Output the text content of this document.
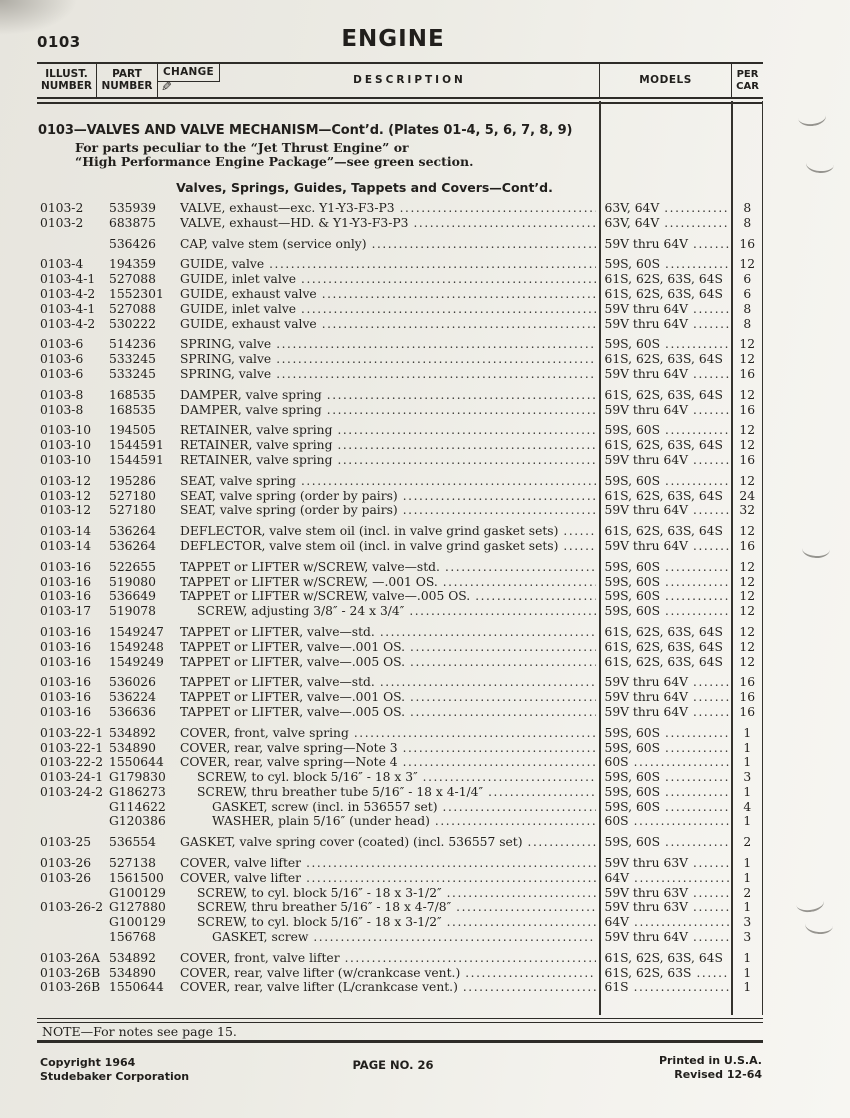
0103	ENGINE
ILLUST.
NUMBER
PART
NUMBER
CHANGE
✎
DESCRIPTION	MODELS	PER
CAR
0103—VALVES AND VALVE MECHANISM—Cont’d. (Plates 01-4, 5, 6, 7, 8, 9)
For parts peculiar to the “Jet Thrust Engine” or
“High Performance Engine Package”—see green section.
Valves, Springs, Guides, Tappets and Covers—Cont’d.
0103-2	535939	VALVE, exhaust—exc. Y1-Y3-F3-P3 .....	63V, 64V .....	8
0103-2	683875	VALVE, exhaust—HD. & Y1-Y3-F3-P3 .....	63V, 64V .....	8
536426	CAP, valve stem (service only) .....	59V thru 64V .....	16
0103-4	194359	GUIDE, valve .....	59S, 60S .....	12
0103-4-1	527088	GUIDE, inlet valve .....	61S, 62S, 63S, 64S .....	6
0103-4-2	1552301	GUIDE, exhaust valve .....	61S, 62S, 63S, 64S .....	6
0103-4-1	527088	GUIDE, inlet valve .....	59V thru 64V .....	8
0103-4-2	530222	GUIDE, exhaust valve .....	59V thru 64V .....	8
0103-6	514236	SPRING, valve .....	59S, 60S .....	12
0103-6	533245	SPRING, valve .....	61S, 62S, 63S, 64S .....	12
0103-6	533245	SPRING, valve .....	59V thru 64V .....	16
0103-8	168535	DAMPER, valve spring .....	61S, 62S, 63S, 64S .....	12
0103-8	168535	DAMPER, valve spring .....	59V thru 64V .....	16
0103-10	194505	RETAINER, valve spring .....	59S, 60S .....	12
0103-10	1544591	RETAINER, valve spring .....	61S, 62S, 63S, 64S .....	12
0103-10	1544591	RETAINER, valve spring .....	59V thru 64V .....	16
0103-12	195286	SEAT, valve spring .....	59S, 60S .....	12
0103-12	527180	SEAT, valve spring (order by pairs) .....	61S, 62S, 63S, 64S .....	24
0103-12	527180	SEAT, valve spring (order by pairs) .....	59V thru 64V .....	32
0103-14	536264	DEFLECTOR, valve stem oil (incl. in valve grind gasket sets) .....	61S, 62S, 63S, 64S .....	12
0103-14	536264	DEFLECTOR, valve stem oil (incl. in valve grind gasket sets) .....	59V thru 64V .....	16
0103-16	522655	TAPPET or LIFTER w/SCREW, valve—std. .....	59S, 60S .....	12
0103-16	519080	TAPPET or LIFTER w/SCREW, —.001 OS. .....	59S, 60S .....	12
0103-16	536649	TAPPET or LIFTER w/SCREW, valve—.005 OS. .....	59S, 60S .....	12
0103-17	519078	SCREW, adjusting 3/8″ - 24 x 3/4″ .....	59S, 60S .....	12
0103-16	1549247	TAPPET or LIFTER, valve—std. .....	61S, 62S, 63S, 64S .....	12
0103-16	1549248	TAPPET or LIFTER, valve—.001 OS. .....	61S, 62S, 63S, 64S .....	12
0103-16	1549249	TAPPET or LIFTER, valve—.005 OS. .....	61S, 62S, 63S, 64S .....	12
0103-16	536026	TAPPET or LIFTER, valve—std. .....	59V thru 64V .....	16
0103-16	536224	TAPPET or LIFTER, valve—.001 OS. .....	59V thru 64V .....	16
0103-16	536636	TAPPET or LIFTER, valve—.005 OS. .....	59V thru 64V .....	16
0103-22-1 534892	COVER, front, valve spring .....	59S, 60S .....	1
0103-22-1 534890	COVER, rear, valve spring—Note 3 .....	59S, 60S .....	1
0103-22-2 1550644	COVER, rear, valve spring—Note 4 .....	60S .....	1
0103-24-1 G179830	SCREW, to cyl. block 5/16″ - 18 x 3″ .....	59S, 60S .....	3
0103-24-2 G186273	SCREW, thru breather tube 5/16″ - 18 x 4-1/4″ .....	59S, 60S .....	1
G114622	GASKET, screw (incl. in 536557 set) .....	59S, 60S .....	4
G120386	WASHER, plain 5/16″ (under head) .....	60S .....	1
0103-25	536554	GASKET, valve spring cover (coated) (incl. 536557 set) .....	59S, 60S .....	2
0103-26	527138	COVER, valve lifter .....	59V thru 63V .....	1
0103-26	1561500	COVER, valve lifter .....	64V .....	1
G100129	SCREW, to cyl. block 5/16″ - 18 x 3-1/2″ .....	59V thru 63V .....	2
0103-26-2 G127880	SCREW, thru breather 5/16″ - 18 x 4-7/8″ .....	59V thru 63V .....	1
G100129	SCREW, to cyl. block 5/16″ - 18 x 3-1/2″ .....	64V .....	3
156768	GASKET, screw .....	59V thru 64V .....	3
0103-26A 534892	COVER, front, valve lifter .....	61S, 62S, 63S, 64S .....	1
0103-26B 534890	COVER, rear, valve lifter (w/crankcase vent.) .....	61S, 62S, 63S .....	1
0103-26B 1550644	COVER, rear, valve lifter (L/crankcase vent.) .....	61S .....	1
NOTE—For notes see page 15.
Copyright 1964
Studebaker Corporation
PAGE NO. 26	Printed in U.S.A.
Revised 12-64
